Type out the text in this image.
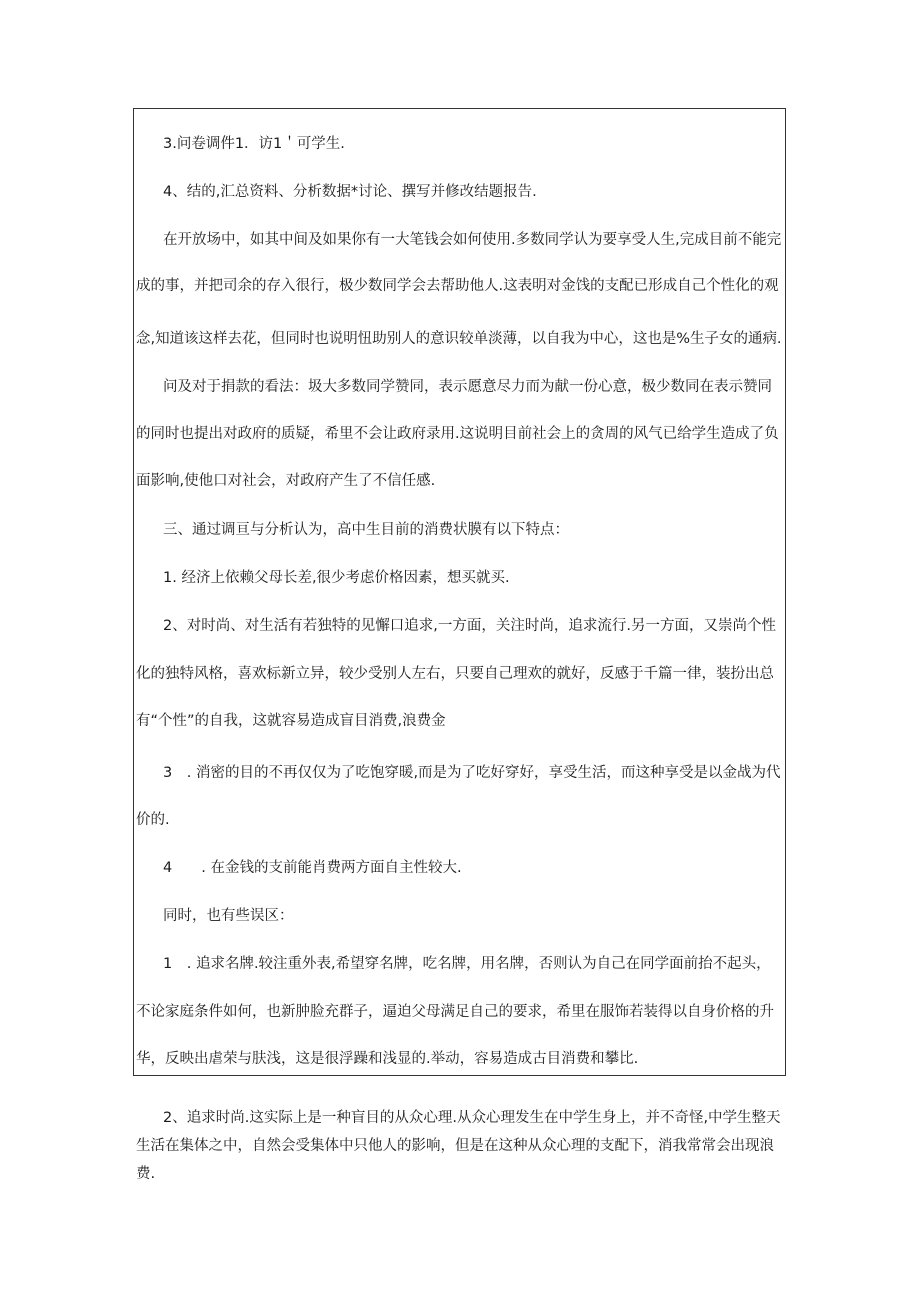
3.问卷调件1．访1＇可学生.
4、结的,汇总资料、分析数据*讨论、撰写并修改结题报告.
在开放场中，如其中间及如果你有一大笔钱会如何使用.多数同学认为要享受人生,完成目前不能完
成的事，并把司余的存入很行，极少数同学会去帮助他人.这表明对金饯的支配已形成自己个性化的观
念,知道该这样去花，但同时也说明忸助别人的意识较单淡薄，以自我为中心，这也是%生子女的通病.
问及对于捐款的看法：圾大多数同学赞同，表示愿意尽力而为献一份心意，极少数同在表示赞同
的同时也提出对政府的质疑，希里不会让政府录用.这说明目前社会上的贪周的风气已给学生造成了负
面影响,使他口对社会，对政府产生了不信任感.
三、通过调亘与分析认为，高中生目前的消费状膜有以下特点：
1. 经济上依赖父母长差,很少考虑价格因素，想买就买.
2、对时尚、对生活有若独特的见懈口追求,一方面，关注时尚，追求流行.另一方面，又崇尚个性
化的独特风格，喜欢标新立异，较少受别人左右，只要自己理欢的就好，反感于千篇一律，装扮出总
有“个性”的自我，这就容易造成盲目消费,浪费金
3　. 消密的目的不再仅仅为了吃饱穿暖,而是为了吃好穿好，享受生活，而这种享受是以金战为代
价的.
4　　. 在金钱的支前能肖费两方面自主性较大.
同时，也有些误区：
1　. 追求名牌.较注重外表,希望穿名牌，吃名牌，用名牌，否则认为自己在同学面前抬不起头，
不论家庭条件如何，也新肿脸充群子，逼迫父母满足自己的要求，希里在服饰若装得以自身价格的升
华，反映出虐荣与肤浅，这是很浮躁和浅显的.举动，容易造成古目消费和攀比.
2、追求时尚.这实际上是一种盲目的从众心理.从众心理发生在中学生身上，并不奇怪,中学生整天
生活在集体之中，自然会受集体中只他人的影响，但是在这种从众心理的支配下，消我常常会出现浪
费.
